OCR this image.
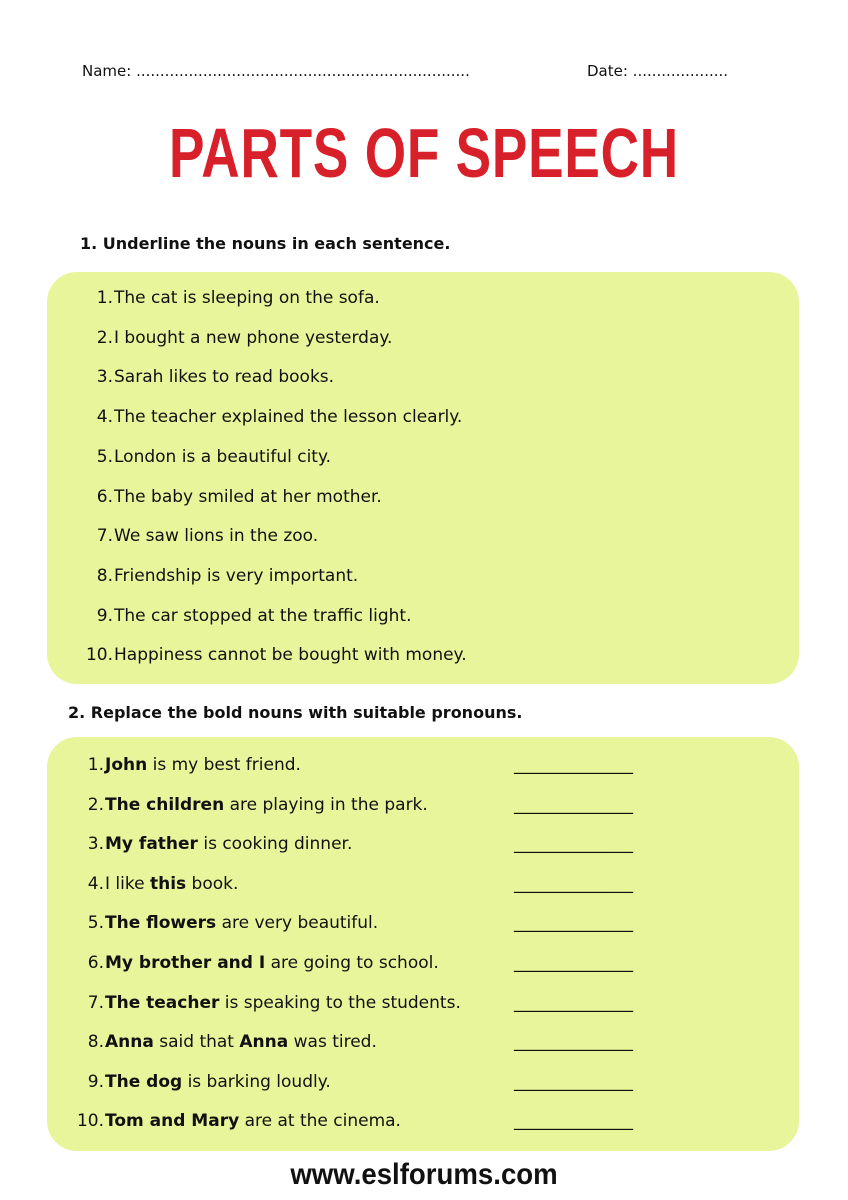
Name: ......................................................................	Date: ....................
PARTS OF SPEECH
1. Underline the nouns in each sentence.
1. The cat is sleeping on the sofa.
2. I bought a new phone yesterday.
3. Sarah likes to read books.
4. The teacher explained the lesson clearly.
5. London is a beautiful city.
6. The baby smiled at her mother.
7. We saw lions in the zoo.
8. Friendship is very important.
9. The car stopped at the traffic light.
10. Happiness cannot be bought with money.
2. Replace the bold nouns with suitable pronouns.
1. John is my best friend.	______________
2. The children are playing in the park.	______________
3. My father is cooking dinner.	______________
4. I like this book.	______________
5. The flowers are very beautiful.	______________
6. My brother and I are going to school.	______________
7. The teacher is speaking to the students.	______________
8. Anna said that Anna was tired.	______________
9. The dog is barking loudly.	______________
10. Tom and Mary are at the cinema.	______________
www.eslforums.com
